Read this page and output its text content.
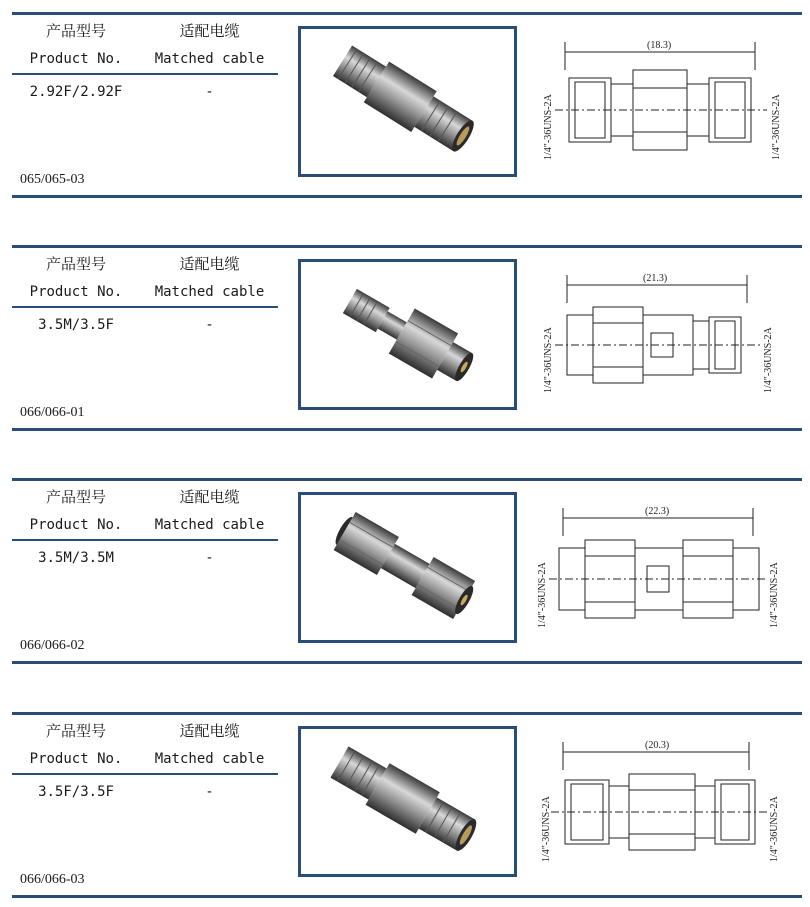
产品型号	适配电缆
Product No.	Matched cable
2.92F/2.92F	-
065/065-03
(18.3)
1/4"-36UNS-2A	1/4"-36UNS-2A
产品型号	适配电缆
Product No.	Matched cable
3.5M/3.5F	-
066/066-01
(21.3)
1/4"-36UNS-2A	1/4"-36UNS-2A
产品型号	适配电缆
Product No.	Matched cable
3.5M/3.5M	-
066/066-02
(22.3)
1/4"-36UNS-2A	1/4"-36UNS-2A
产品型号	适配电缆
Product No.	Matched cable
3.5F/3.5F	-
066/066-03
(20.3)
1/4"-36UNS-2A	1/4"-36UNS-2A
